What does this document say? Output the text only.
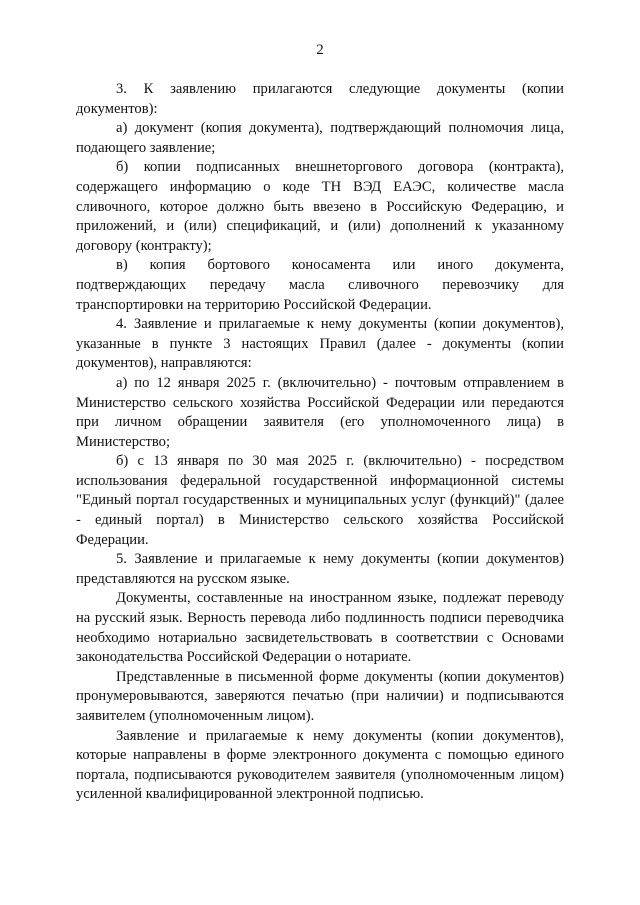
2

3. К заявлению прилагаются следующие документы (копии документов):

а) документ (копия документа), подтверждающий полномочия лица, подающего заявление;

б) копии подписанных внешнеторгового договора (контракта), содержащего информацию о коде ТН ВЭД ЕАЭС, количестве масла сливочного, которое должно быть ввезено в Российскую Федерацию, и приложений, и (или) спецификаций, и (или) дополнений к указанному договору (контракту);

в) копия бортового коносамента или иного документа, подтверждающих передачу масла сливочного перевозчику для транспортировки на территорию Российской Федерации.

4. Заявление и прилагаемые к нему документы (копии документов), указанные в пункте 3 настоящих Правил (далее - документы (копии документов), направляются:

а) по 12 января 2025 г. (включительно) - почтовым отправлением в Министерство сельского хозяйства Российской Федерации или передаются при личном обращении заявителя (его уполномоченного лица) в Министерство;

б) с 13 января по 30 мая 2025 г. (включительно) - посредством использования федеральной государственной информационной системы "Единый портал государственных и муниципальных услуг (функций)" (далее - единый портал) в Министерство сельского хозяйства Российской Федерации.

5. Заявление и прилагаемые к нему документы (копии документов) представляются на русском языке.

Документы, составленные на иностранном языке, подлежат переводу на русский язык. Верность перевода либо подлинность подписи переводчика необходимо нотариально засвидетельствовать в соответствии с Основами законодательства Российской Федерации о нотариате.

Представленные в письменной форме документы (копии документов) пронумеровываются, заверяются печатью (при наличии) и подписываются заявителем (уполномоченным лицом).

Заявление и прилагаемые к нему документы (копии документов), которые направлены в форме электронного документа с помощью единого портала, подписываются руководителем заявителя (уполномоченным лицом) усиленной квалифицированной электронной подписью.
